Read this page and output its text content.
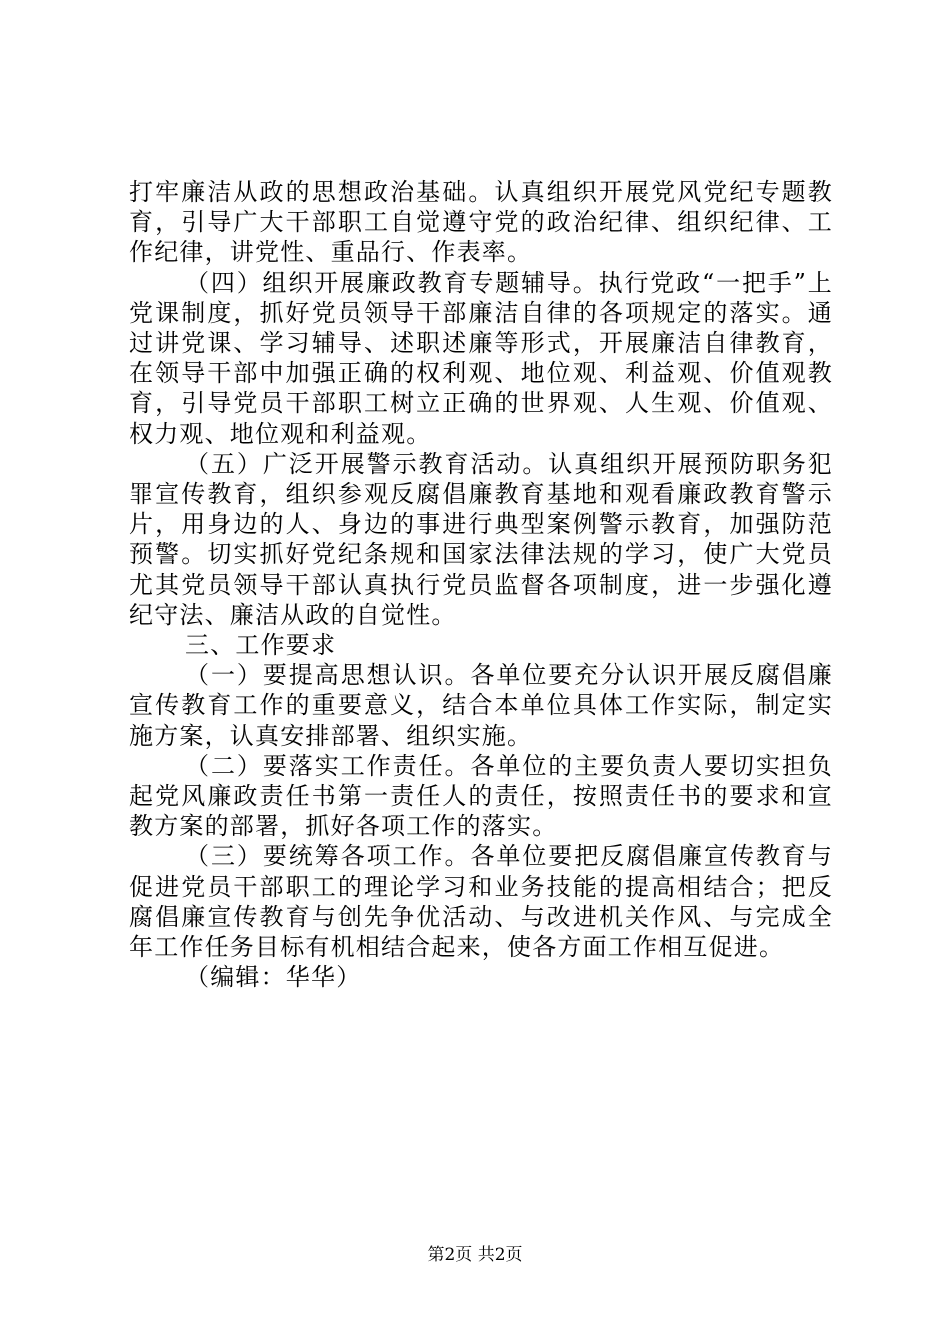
打牢廉洁从政的思想政治基础。认真组织开展党风党纪专题教育，引导广大干部职工自觉遵守党的政治纪律、组织纪律、工作纪律，讲党性、重品行、作表率。

（四）组织开展廉政教育专题辅导。执行党政“一把手”上党课制度，抓好党员领导干部廉洁自律的各项规定的落实。通过讲党课、学习辅导、述职述廉等形式，开展廉洁自律教育，在领导干部中加强正确的权利观、地位观、利益观、价值观教育，引导党员干部职工树立正确的世界观、人生观、价值观、权力观、地位观和利益观。

（五）广泛开展警示教育活动。认真组织开展预防职务犯罪宣传教育，组织参观反腐倡廉教育基地和观看廉政教育警示片，用身边的人、身边的事进行典型案例警示教育，加强防范预警。切实抓好党纪条规和国家法律法规的学习，使广大党员尤其党员领导干部认真执行党员监督各项制度，进一步强化遵纪守法、廉洁从政的自觉性。

三、工作要求

（一）要提高思想认识。各单位要充分认识开展反腐倡廉宣传教育工作的重要意义，结合本单位具体工作实际，制定实施方案，认真安排部署、组织实施。

（二）要落实工作责任。各单位的主要负责人要切实担负起党风廉政责任书第一责任人的责任，按照责任书的要求和宣教方案的部署，抓好各项工作的落实。

（三）要统筹各项工作。各单位要把反腐倡廉宣传教育与促进党员干部职工的理论学习和业务技能的提高相结合；把反腐倡廉宣传教育与创先争优活动、与改进机关作风、与完成全年工作任务目标有机相结合起来，使各方面工作相互促进。

（编辑：华华）

第2页 共2页
